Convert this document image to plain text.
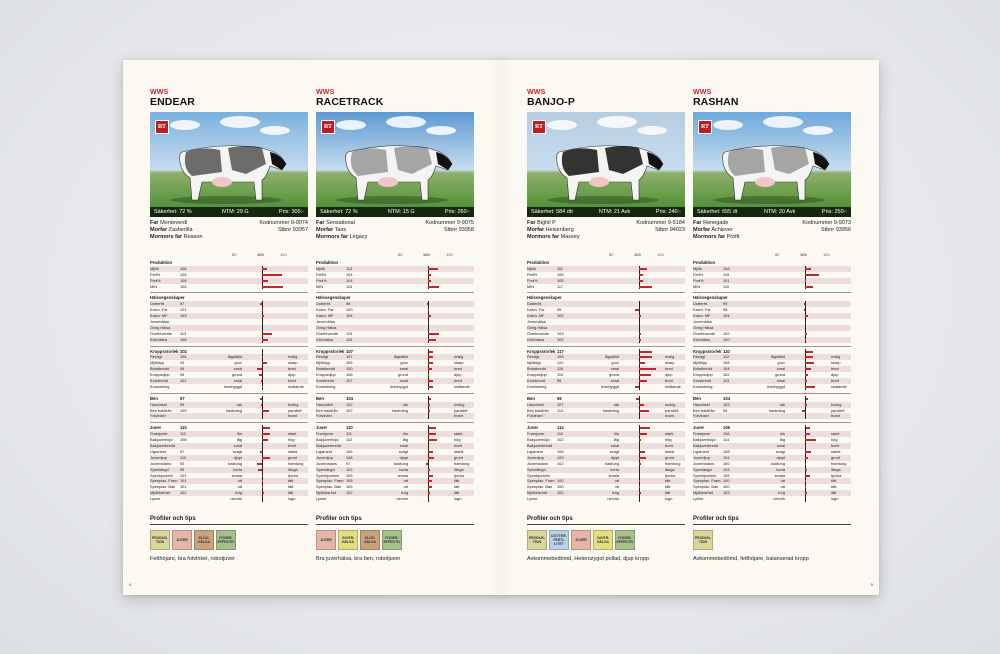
4	5
WWS
ENDEAR
RT
Säkerhet: 72 %	NTM: 29 G	Pris: 305:-
Far Monteverdi	Kodnummer 9-9074
Morfar Zasberilla	Stbnr 93957
Mormors far Reason
80	100	120
Produktion
Mjölk	106
Fett%	126
Prot%	108
MIN	128
Hälsoegenskaper
Dotterfrt.	97
Kalvn. Far	101
Kalvn. MF	103
Juverhälsa
Övrig Hälsa
Överlevande 113
Klövhälsa	108
Kroppsstorlek 101
Resligt	106	lågställd	reslig
Mjölktyp	93	grov	skarp
Bröstbredd	96	smal	bred
Kroppsdjup	98	grund	djup
Korsbredd	101	smal	bred
Korslutning	överbyggd	sluttande
Ben	97
Hasvinkel	99	rak	krokig
Ben bakifrån 109	hasbräng	parallell
Fotvinkel	brant
Juver	110
Framjuver	111	lös	stark
Bakjuverhöjd 108	låg	hög
Bakjuverbredd	smal	brett
Ligament	97	svagt	starkt
Juverdjup	110	djupt	grunt
Juverbalans 93	baktung	framtung
Spenlängd	95	korta	långa
Spenbjocklek 101	smala	tjocka
Spenplac. Fram 101	utt	tätt
Spenplac. Bak 101	utt	tätt
Mjölkbarhet	102	trög	lätt
Lynne	nervös	lugn
Profiler och tips
PRODUK-TION	JUVER	KLÖV-HÄLSA
FODER-EFFEKTIV
Fetthöjare, bra fotvinkel, robotjuver
WWS
RACETRACK
RT
Säkerhet: 72 %	NTM: 15 G	Pris: 260:-
Far Sensational	Kodnummer 9-9075
Morfar Taos	Stbnr 93958
Mormors far Legacy
80	100	120
Produktion
Mjölk	113
Fett%	104
Prot%	104
MIN	115
Hälsoegenskaper
Dotterfrt.	98
Kalvn. Far	100
Kalvn. MF	104
Juverhälsa
Övrig Hälsa
Överlevande 115
Klövhälsa	110
Kroppsstorlek 107
Resligt	107	lågställd	reslig
Mjölktyp	105	grov	skarp
Bröstbredd	100	smal	bred
Kroppsdjup	106	grund	djup
Korsbredd	107	smal	bred
Korslutning	överbyggd	sluttande
Ben	104
Hasvinkel	102	rak	krokig
Ben bakifrån 102	hasbräng	parallell
Fotvinkel	brant
Juver	110
Framjuver	111	lös	stark
Bakjuverhöjd 112	låg	hög
Bakjuverbredd	smal	brett
Ligament	106	svagt	starkt
Juverdjup	108	djupt	grunt
Juverbalans 97	baktung	framtung
Spenlängd	102	korta	långa
Spenbjocklek 106	smala	tjocka
Spenplac. Fram 105	utt	tätt
Spenplac. Bak 105	utt	tätt
Mjölkbarhet	102	trög	lätt
Lynne	nervös	lugn
Profiler och tips
JUVER	JUVER-HÄLSA
KLÖV-HÄLSA
FODER-EFFEKTIV
Bra juverhälsa, bra ben, robotjuver
WWS
BANJO-P
RT
Säkerhet: 584 dtr	NTM: 21 Avk	Pris: 240:-
Far Bighil P	Kodnummer 9-5184
Morfar Heisenberg	Stbnr 94023
Mormors far Massey
80	100	120
Produktion
Mjölk	111
Fett%	105
Prot%	105
MIN	117
Hälsoegenskaper
Dotterfrt.
Kalvn. Far	95
Kalvn. MF	102
Juverhälsa
Övrig Hälsa
Överlevande 103
Klövhälsa	102
Kroppsstorlek 117
Resligt	108	lågställd	reslig
Mjölktyp	122	grov	skarp
Bröstbredd	116	smal	bred
Kroppsdjup	110	grund	djup
Korsbredd	95	smal	bred
Korslutning	överbyggd	sluttande
Ben	96
Hasvinkel	107	rak	krokig
Ben bakifrån 113	hasbräng	parallell
Fotvinkel	brant
Juver	114
Framjuver	110	lös	stark
Bakjuverhöjd 102	låg	hög
Bakjuverbredd	smal	brett
Ligament	108	svagt	starkt
Juverdjup	109	djupt	grunt
Juverbalans 102	baktung	framtung
Spenlängd	korta	långa
Spenbjocklek	smala	tjocka
Spenplac. Fram 100	utt	tätt
Spenplac. Bak 100	utt	tätt
Mjölkbarhet	102	trög	lätt
Lynne	nervös	lugn
Profiler och tips
PRODUK-TION
DOTTER-FERTI-LITET
JUVER	JUVER-HÄLSA
FODER-EFFEKTIV
Avkommebedömd, Heterozygot pollad, djup kropp
WWS
RASHAN
RT
Säkerhet: 655 dt	NTM: 20 Avk	Pris: 250:-
Far Renegade	Kodnummer 9-9073
Morfar Achiever	Stbnr 93956
Mormors far Profit
80	100	120
Produktion
Mjölk	108
Fett%	119
Prot%	101
MIN	110
Hälsoegenskaper
Dotterfrt.	99
Kalvn. Far	98
Kalvn. MF	104
Juverhälsa
Övrig Hälsa
Överlevande 102
Klövhälsa	100
Kroppsstorlek 110
Resligt	112	lågställd	reslig
Mjölktyp	108	grov	skarp
Bröstbredd	104	smal	bred
Kroppsdjup	102	grund	djup
Korsbredd	113	smal	bred
Korslutning	överbyggd	sluttande
Ben	104
Hasvinkel	103	rak	krokig
Ben bakifrån 96	hasbräng	parallell
Fotvinkel	brant
Juver	106
Framjuver	106	lös	stark
Bakjuverhöjd 114	låg	hög
Bakjuverbredd	smal	brett
Ligament	108	svagt	starkt
Juverdjup	104	djupt	grunt
Juverbalans 100	baktung	framtung
Spenlängd	103	korta	långa
Spenbjocklek 106	smala	tjocka
Spenplac. Fram 100	utt	tätt
Spenplac. Bak 100	utt	tätt
Mjölkbarhet	103	trög	lätt
Lynne	nervös	lugn
Profiler och tips
PRODUK-TION
Avkommebedömd, fetthöjare, balanserad kropp
